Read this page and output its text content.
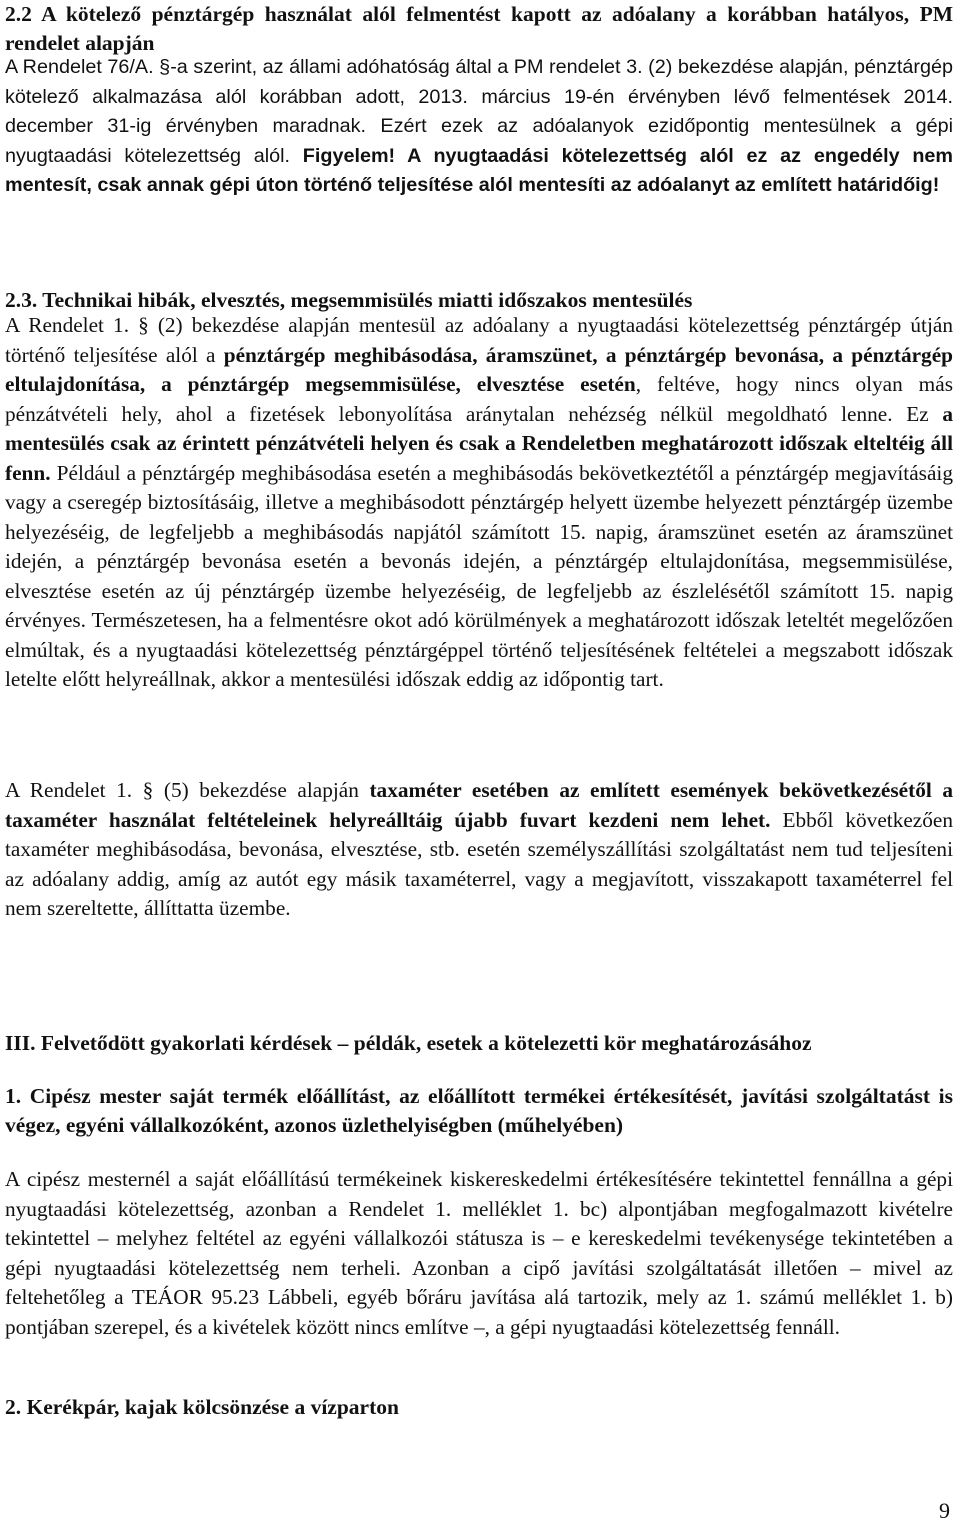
2.2 A kötelező pénztárgép használat alól felmentést kapott az adóalany a korábban hatályos, PM rendelet alapján

A Rendelet 76/A. §-a szerint, az állami adóhatóság által a PM rendelet 3. (2) bekezdése alapján, pénztárgép kötelező alkalmazása alól korábban adott, 2013. március 19-én érvényben lévő felmentések 2014. december 31-ig érvényben maradnak. Ezért ezek az adóalanyok ezidőpontig mentesülnek a gépi nyugtaadási kötelezettség alól. Figyelem! A nyugtaadási kötelezettség alól ez az engedély nem mentesít, csak annak gépi úton történő teljesítése alól mentesíti az adóalanyt az említett határidőig!

2.3. Technikai hibák, elvesztés, megsemmisülés miatti időszakos mentesülés

A Rendelet 1. § (2) bekezdése alapján mentesül az adóalany a nyugtaadási kötelezettség pénztárgép útján történő teljesítése alól a pénztárgép meghibásodása, áramszünet, a pénztárgép bevonása, a pénztárgép eltulajdonítása, a pénztárgép megsemmisülése, elvesztése esetén, feltéve, hogy nincs olyan más pénzátvételi hely, ahol a fizetések lebonyolítása aránytalan nehézség nélkül megoldható lenne. Ez a mentesülés csak az érintett pénzátvételi helyen és csak a Rendeletben meghatározott időszak elteltéig áll fenn. Például a pénztárgép meghibásodása esetén a meghibásodás bekövetkeztétől a pénztárgép megjavításáig vagy a cseregép biztosításáig, illetve a meghibásodott pénztárgép helyett üzembe helyezett pénztárgép üzembe helyezéséig, de legfeljebb a meghibásodás napjától számított 15. napig, áramszünet esetén az áramszünet idején, a pénztárgép bevonása esetén a bevonás idején, a pénztárgép eltulajdonítása, megsemmisülése, elvesztése esetén az új pénztárgép üzembe helyezéséig, de legfeljebb az észlelésétől számított 15. napig érvényes. Természetesen, ha a felmentésre okot adó körülmények a meghatározott időszak leteltét megelőzően elmúltak, és a nyugtaadási kötelezettség pénztárgéppel történő teljesítésének feltételei a megszabott időszak letelte előtt helyreállnak, akkor a mentesülési időszak eddig az időpontig tart.

A Rendelet 1. § (5) bekezdése alapján taxaméter esetében az említett események bekövetkezésétől a taxaméter használat feltételeinek helyreálltáig újabb fuvart kezdeni nem lehet. Ebből következően taxaméter meghibásodása, bevonása, elvesztése, stb. esetén személyszállítási szolgáltatást nem tud teljesíteni az adóalany addig, amíg az autót egy másik taxaméterrel, vagy a megjavított, visszakapott taxaméterrel fel nem szereltette, állíttatta üzembe.

III. Felvetődött gyakorlati kérdések – példák, esetek a kötelezetti kör meghatározásához

1. Cipész mester saját termék előállítást, az előállított termékei értékesítését, javítási szolgáltatást is végez, egyéni vállalkozóként, azonos üzlethelyiségben (műhelyében)

A cipész mesternél a saját előállítású termékeinek kiskereskedelmi értékesítésére tekintettel fennállna a gépi nyugtaadási kötelezettség, azonban a Rendelet 1. melléklet 1. bc) alpontjában megfogalmazott kivételre tekintettel – melyhez feltétel az egyéni vállalkozói státusza is – e kereskedelmi tevékenysége tekintetében a gépi nyugtaadási kötelezettség nem terheli. Azonban a cipő javítási szolgáltatását illetően – mivel az feltehetőleg a TEÁOR 95.23 Lábbeli, egyéb bőráru javítása alá tartozik, mely az 1. számú melléklet 1. b) pontjában szerepel, és a kivételek között nincs említve –, a gépi nyugtaadási kötelezettség fennáll.

2. Kerékpár, kajak kölcsönzése a vízparton

9
